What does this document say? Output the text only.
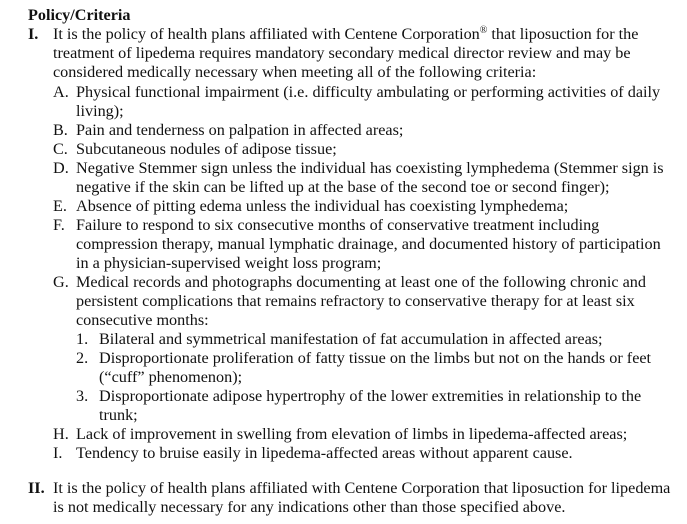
Policy/Criteria
I. It is the policy of health plans affiliated with Centene Corporation® that liposuction for the treatment of lipedema requires mandatory secondary medical director review and may be considered medically necessary when meeting all of the following criteria:
A. Physical functional impairment (i.e. difficulty ambulating or performing activities of daily living);
B. Pain and tenderness on palpation in affected areas;
C. Subcutaneous nodules of adipose tissue;
D. Negative Stemmer sign unless the individual has coexisting lymphedema (Stemmer sign is negative if the skin can be lifted up at the base of the second toe or second finger);
E. Absence of pitting edema unless the individual has coexisting lymphedema;
F. Failure to respond to six consecutive months of conservative treatment including compression therapy, manual lymphatic drainage, and documented history of participation in a physician-supervised weight loss program;
G. Medical records and photographs documenting at least one of the following chronic and persistent complications that remains refractory to conservative therapy for at least six consecutive months:
1. Bilateral and symmetrical manifestation of fat accumulation in affected areas;
2. Disproportionate proliferation of fatty tissue on the limbs but not on the hands or feet (“cuff” phenomenon);
3. Disproportionate adipose hypertrophy of the lower extremities in relationship to the trunk;
H. Lack of improvement in swelling from elevation of limbs in lipedema-affected areas;
I. Tendency to bruise easily in lipedema-affected areas without apparent cause.
II. It is the policy of health plans affiliated with Centene Corporation that liposuction for lipedema is not medically necessary for any indications other than those specified above.
